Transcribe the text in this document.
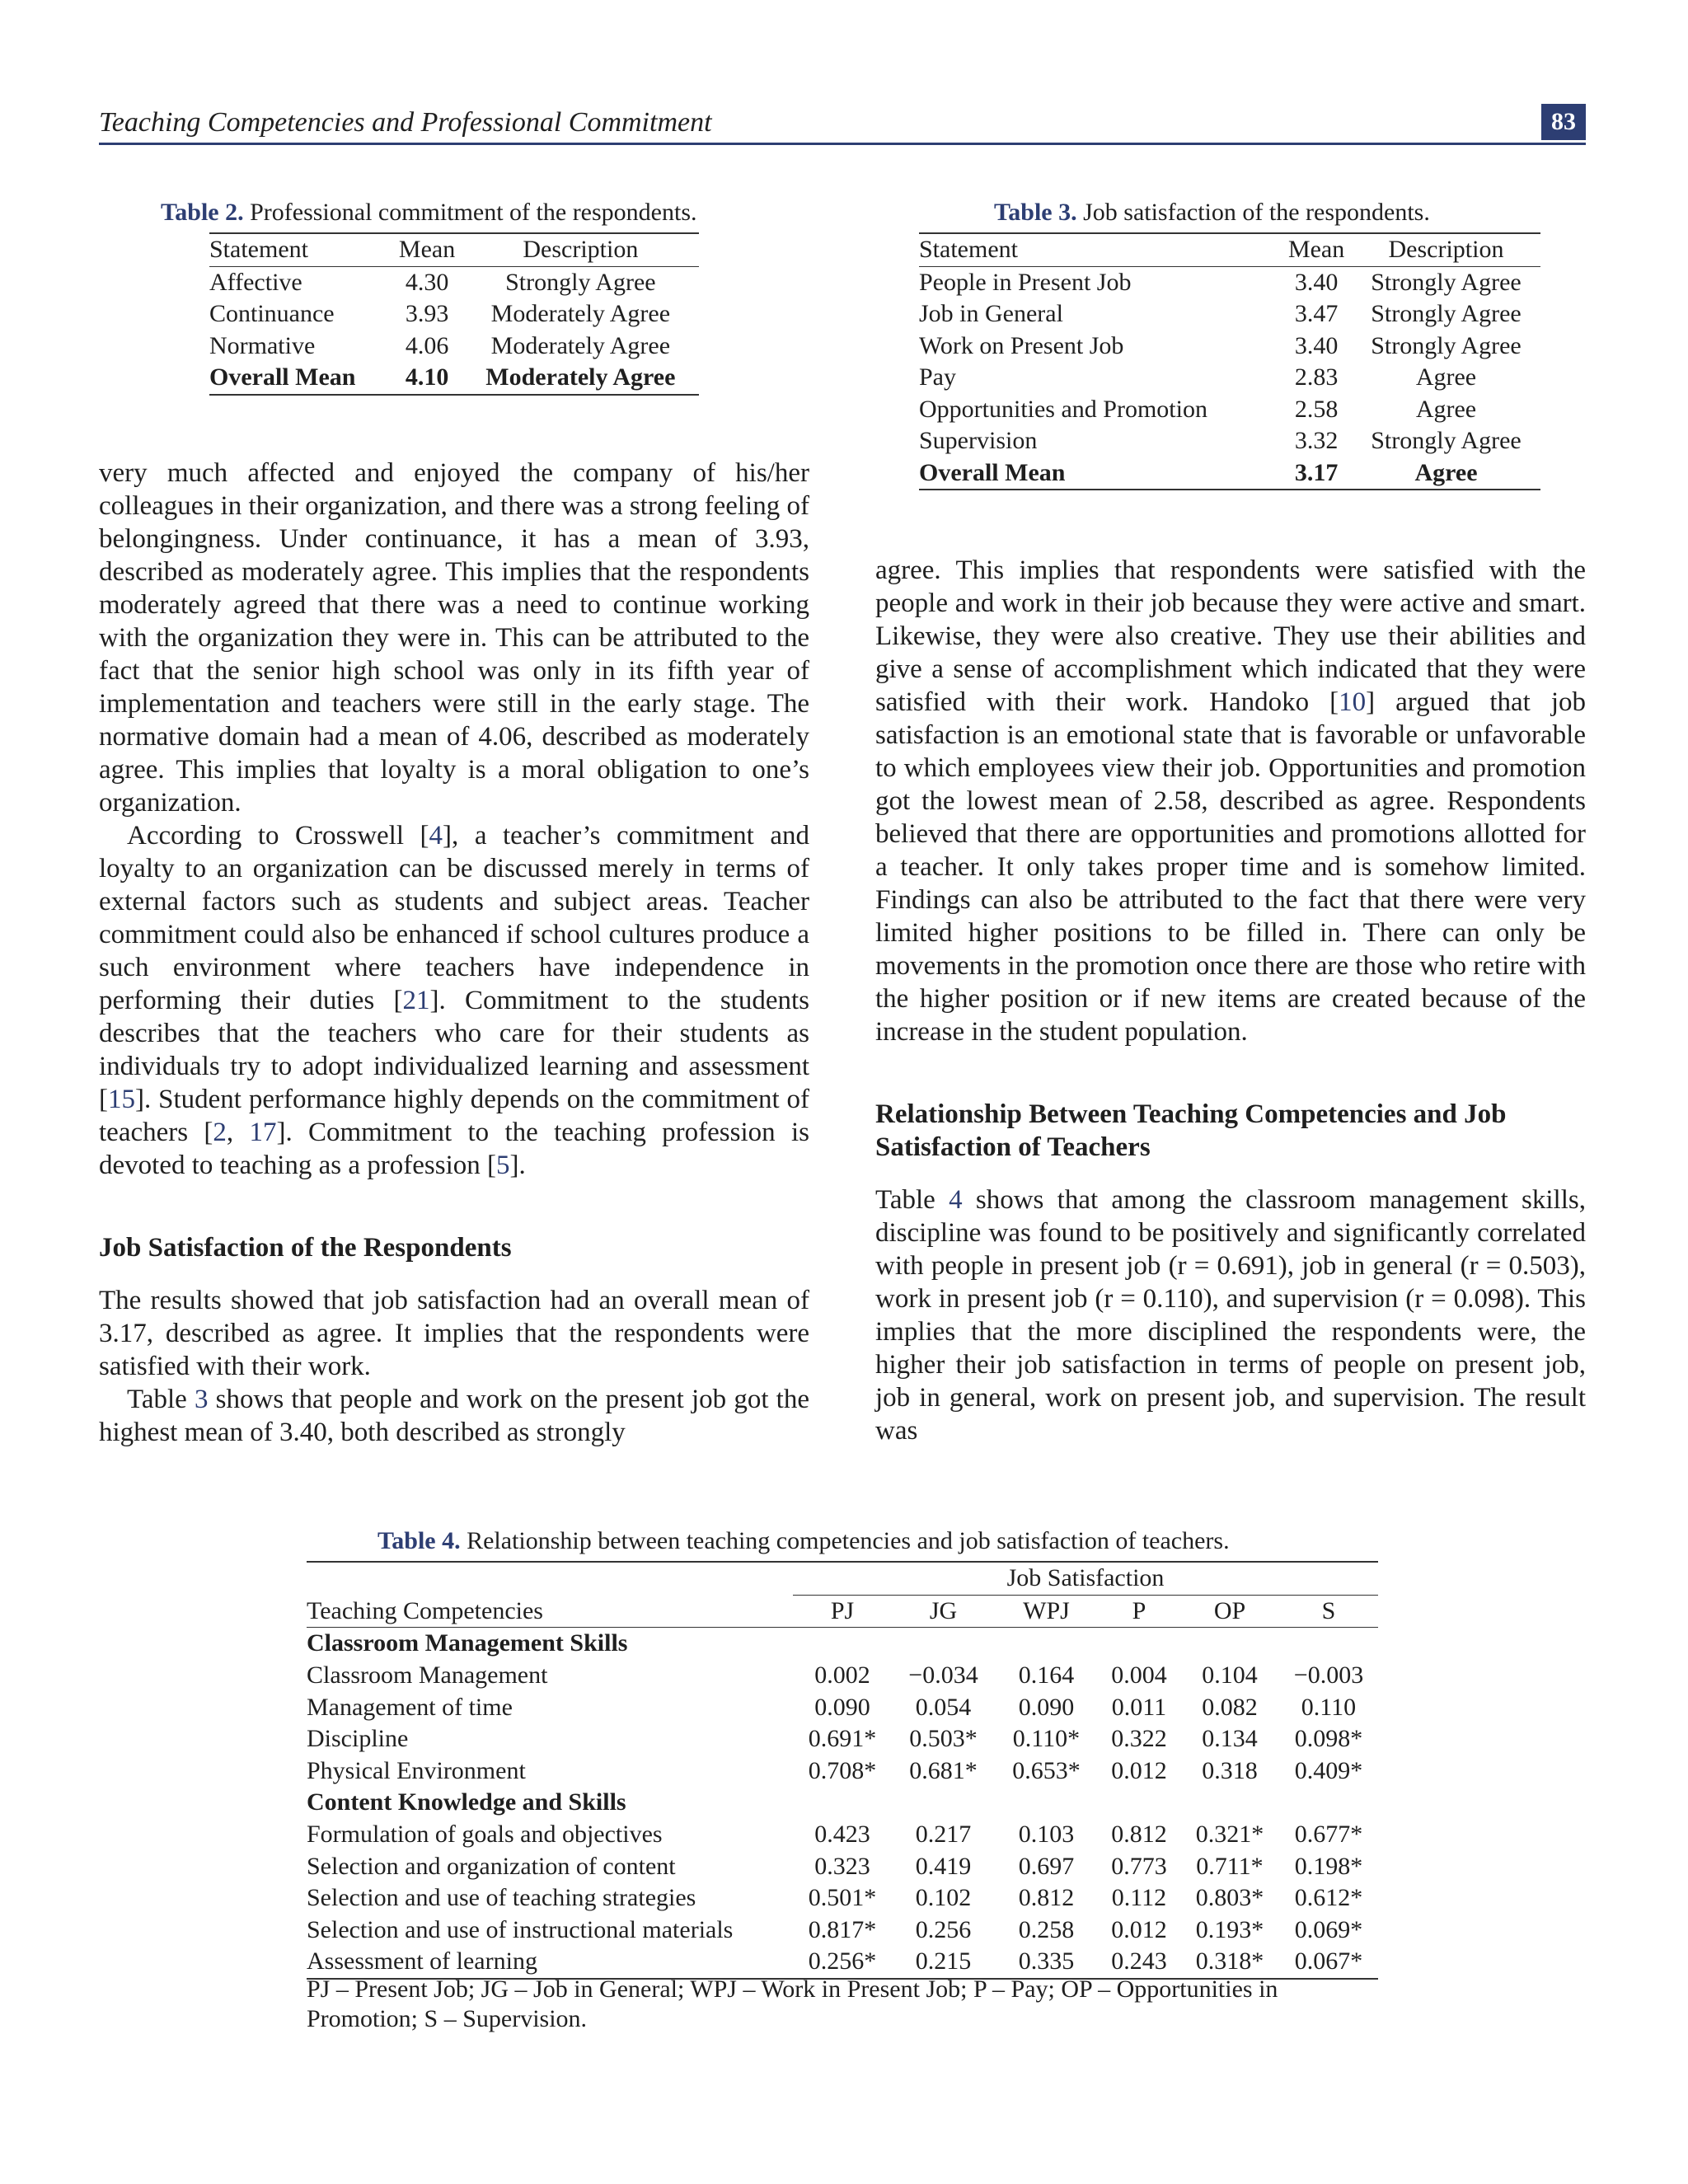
Teaching Competencies and Professional Commitment	83
Table 2. Professional commitment of the respondents.
Statement	Mean	Description
Affective	4.30	Strongly Agree
Continuance	3.93	Moderately Agree
Normative	4.06	Moderately Agree
Overall Mean	4.10	Moderately Agree
Table 3. Job satisfaction of the respondents.
Statement	Mean	Description
People in Present Job	3.40	Strongly Agree
Job in General	3.47	Strongly Agree
Work on Present Job	3.40	Strongly Agree
Pay	2.83	Agree
Opportunities and Promotion	2.58	Agree
Supervision	3.32	Strongly Agree
Overall Mean	3.17	Agree

very much affected and enjoyed the company of his/her colleagues in their organization, and there was a strong feeling of belongingness. Under continuance, it has a mean of 3.93, described as moderately agree. This implies that the respondents moderately agreed that there was a need to continue working with the organization they were in. This can be attributed to the fact that the senior high school was only in its fifth year of implementation and teachers were still in the early stage. The normative domain had a mean of 4.06, described as moderately agree. This implies that loyalty is a moral obligation to one’s organization.

According to Crosswell [4], a teacher’s commitment and loyalty to an organization can be discussed merely in terms of external factors such as students and subject areas. Teacher commitment could also be enhanced if school cultures produce a such environment where teachers have independence in performing their duties [21]. Commitment to the students describes that the teachers who care for their students as individuals try to adopt individualized learning and assessment [15]. Student performance highly depends on the commitment of teachers [2, 17]. Commitment to the teaching profession is devoted to teaching as a profession [5].

Job Satisfaction of the Respondents

The results showed that job satisfaction had an overall mean of 3.17, described as agree. It implies that the respondents were satisfied with their work.

Table 3 shows that people and work on the present job got the highest mean of 3.40, both described as strongly

agree. This implies that respondents were satisfied with the people and work in their job because they were active and smart. Likewise, they were also creative. They use their abilities and give a sense of accomplishment which indicated that they were satisfied with their work. Handoko [10] argued that job satisfaction is an emotional state that is favorable or unfavorable to which employees view their job. Opportunities and promotion got the lowest mean of 2.58, described as agree. Respondents believed that there are opportunities and promotions allotted for a teacher. It only takes proper time and is somehow limited. Findings can also be attributed to the fact that there were very limited higher positions to be filled in. There can only be movements in the promotion once there are those who retire with the higher position or if new items are created because of the increase in the student population.

Relationship Between Teaching Competencies and Job Satisfaction of Teachers

Table 4 shows that among the classroom management skills, discipline was found to be positively and significantly correlated with people in present job (r = 0.691), job in general (r = 0.503), work in present job (r = 0.110), and supervision (r = 0.098). This implies that the more disciplined the respondents were, the higher their job satisfaction in terms of people on present job, job in general, work on present job, and supervision. The result was

Table 4. Relationship between teaching competencies and job satisfaction of teachers.
	Job Satisfaction					
Teaching Competencies	PJ	JG	WPJ	P	OP	S
Classroom Management Skills						
Classroom Management	0.002	−0.034	0.164	0.004	0.104	−0.003
Management of time	0.090	0.054	0.090	0.011	0.082	0.110
Discipline	0.691*	0.503*	0.110*	0.322	0.134	0.098*
Physical Environment	0.708*	0.681*	0.653*	0.012	0.318	0.409*
Content Knowledge and Skills						
Formulation of goals and objectives	0.423	0.217	0.103	0.812	0.321*	0.677*
Selection and organization of content	0.323	0.419	0.697	0.773	0.711*	0.198*
Selection and use of teaching strategies	0.501*	0.102	0.812	0.112	0.803*	0.612*
Selection and use of instructional materials	0.817*	0.256	0.258	0.012	0.193*	0.069*
Assessment of learning	0.256*	0.215	0.335	0.243	0.318*	0.067*
PJ – Present Job; JG – Job in General; WPJ – Work in Present Job; P – Pay; OP – Opportunities in Promotion; S – Supervision.
